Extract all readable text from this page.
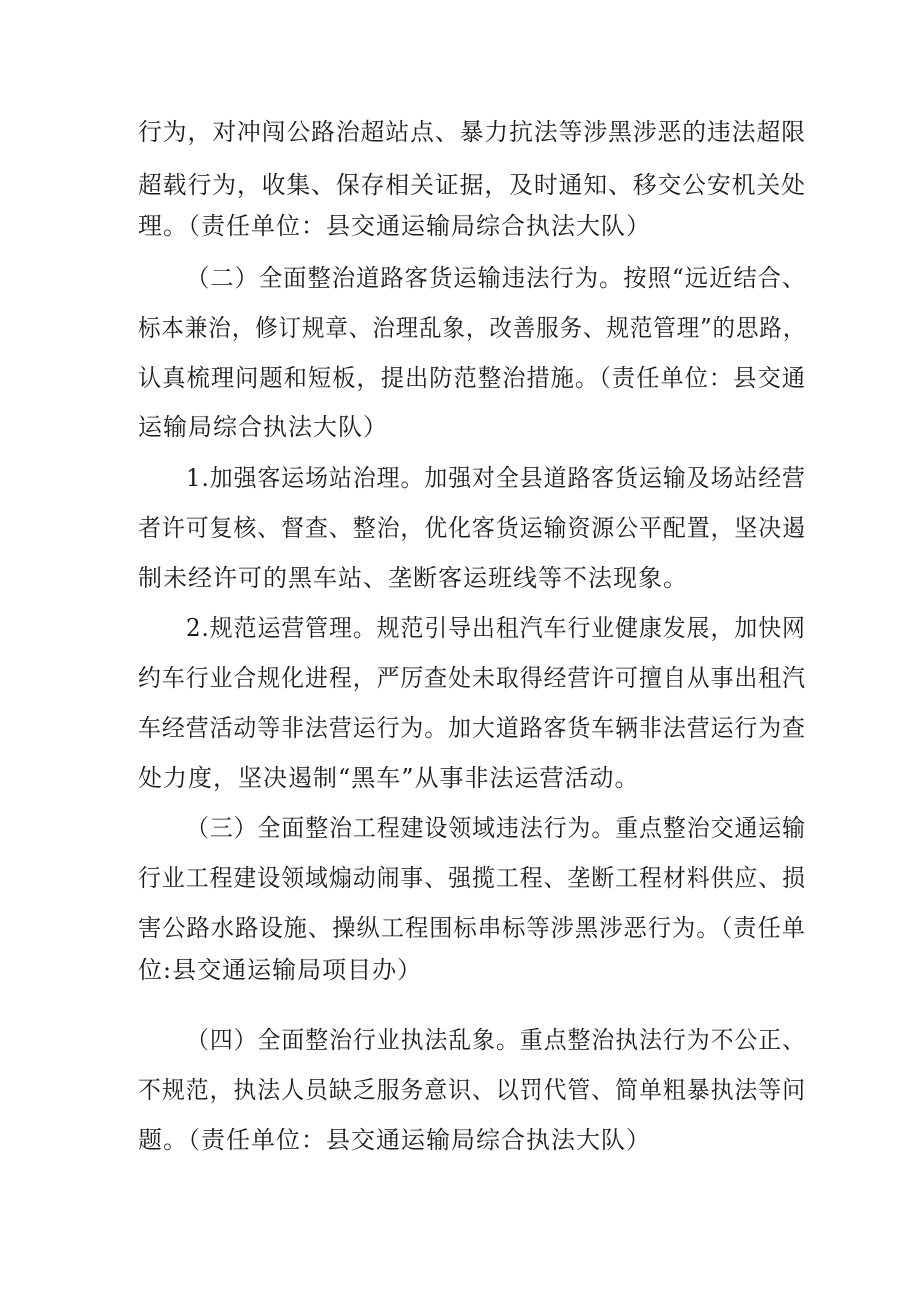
行为，对冲闯公路治超站点、暴力抗法等涉黑涉恶的违法超限
超载行为，收集、保存相关证据，及时通知、移交公安机关处
理。（责任单位：县交通运输局综合执法大队）
（二）全面整治道路客货运输违法行为。按照“远近结合、
标本兼治，修订规章、治理乱象，改善服务、规范管理”的思路，
认真梳理问题和短板，提出防范整治措施。（责任单位：县交通
运输局综合执法大队）
1.加强客运场站治理。加强对全县道路客货运输及场站经营
者许可复核、督查、整治，优化客货运输资源公平配置，坚决遏
制未经许可的黑车站、垄断客运班线等不法现象。
2.规范运营管理。规范引导出租汽车行业健康发展，加快网
约车行业合规化进程，严厉查处未取得经营许可擅自从事出租汽
车经营活动等非法营运行为。加大道路客货车辆非法营运行为查
处力度，坚决遏制“黑车”从事非法运营活动。
（三）全面整治工程建设领域违法行为。重点整治交通运输
行业工程建设领域煽动闹事、强揽工程、垄断工程材料供应、损
害公路水路设施、操纵工程围标串标等涉黑涉恶行为。（责任单
位:县交通运输局项目办）
（四）全面整治行业执法乱象。重点整治执法行为不公正、
不规范，执法人员缺乏服务意识、以罚代管、简单粗暴执法等问
题。（责任单位：县交通运输局综合执法大队）
